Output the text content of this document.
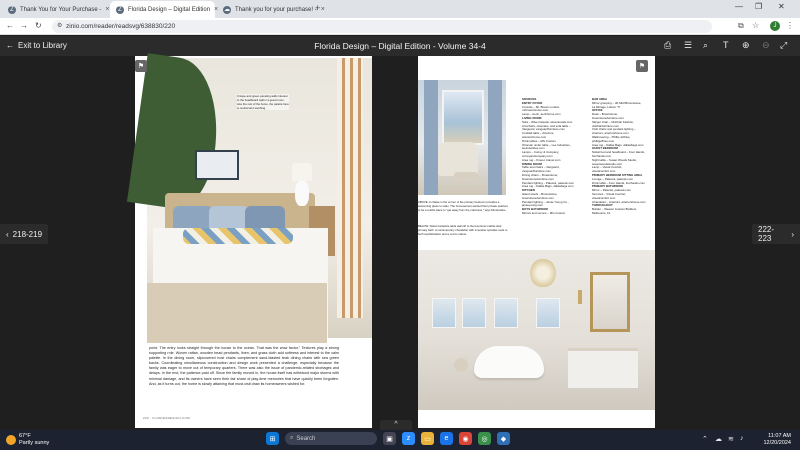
Z	Thank You for Your Purchase - ×	Z	Florida Design – Digital Edition × ☁ Thank you for your purchase! - ×
+	— ❐ ✕
← → ↻	⚙ zinio.com/reader/readsvg/638830/220	⧉ ☆	⋮
J
← Exit to Library	Florida Design – Digital Edition - Volume 34-4	⎙ ☰ ⌕ T ⊕ ⊖ ⤢
Unique and green-paneling adds interest to the headboard wall in a guest room. Like the rest of the home, the palette here is neutral and soothing.
point. The entry looks straight through the house to the ocean. That was the wow factor." Textures play a strong supporting role. Woven rattan, wooden bead pendants, linen, and grass cloth add softness and interest to the calm palette. In the dining room, slipcovered host chairs complement sand-blasted teak dining chairs with sea green backs. Coordinating simultaneous construction and design work presented a challenge, especially because the family was eager to move out of temporary quarters. There was also the issue of pandemic-related shortages and delays. In the end, the patience paid off. Since the family moved in, the house itself has withstood major storms with minimal damage, and its owners have seen their fair share of play-time memories that have quickly been forgotten. And, as it turns out, the home is slowly attaining that must-visit draw its homeowners wished for.
220 · FLORIDADESIGN.COM
⚑
ABOVE: A chaise in the corner of the primary bedroom provides a welcoming place to relax. The homeowners wanted their private quarters to be a restful place to "get away from the craziness," says Montecalvo.
BELOW: Swiss hardware adds warmth to the luxurious marble-clad primary bath. A contemporary chandelier with smoother spindles nods to both sophistication and a nod to nature.
SOURCES
ENTRY FOYER
Console – Mr. Brown London,
mrbrownlondon.com
Lamp – Aerin, aerinhome.com
LIVING ROOM
Sofa – Wise Casuals, wisecasuals.com
Armchairs, ottomans, and sofa table –
Vanguard, vanguardfurniture.com
Cocktail table – Arteriors,
arteriorshome.com
Drink tables – MG Custom
Ottoman under table – Lee Industries,
leeindustries.com
Lamps – Currey & Company,
curreyandcompany.com
Area rug – Kravet, kravet.com
DINING ROOM
Table and chairs – Vanguard,
vanguardfurniture.com
Dining chairs – Brownstone,
brownstonefurniture.com
Pendant lighting – Palecek, palecek.com
Area rug – Dallas Bags, dallasbags.com
KITCHEN
Island stools – Brownstone,
brownstonefurniture.com
Pendant lighting – Jamie Young Co.,
jamieyoung.com
BOYS BATHROOM
Mirrors and sconce – MG Custom
BAR AREA
Mirror grouping – JR Mild Brownstone,
La Mirrage, Lisbon 'Tl'
OFFICE
Desk – Brownstone,
brownstonefurniture.com
Slipper chair – Oldchair Fashion,
oldchairfurniture.com
Club chairs and pendant lighting –
Arteriors, arteriorshome.com
Wallcovering – Phillip Jeffries,
phillipjeffries.com
Area rug – Dallas Bags, dallasbags.com
GUEST BEDROOM
Nickel bed and headboard – Four Hands,
fourhands.com
Night table – Susan Woods Studio,
susanwoodsstudio.com
Lamp – Visual Comfort,
visualcomfort.com
PRIMARY BEDROOM SITTING AREA
Lounge – Palecek, palecek.com
Drink table – Four Hands, fourhands.com
PRIMARY BATHROOM
Mirror – Palecek, palecek.com
Sconces – Visual Comfort,
visualcomfort.com
Chandelier – Arteriors, arteriorshome.com
THROUGHOUT
Builder – Weaver Custom Builders,
Melbourne, FL
⚑
‹ 218-219	222-223	›
^
67°F
Partly sunny	⊞	⌕ Search	▣	z	▭	e	◉	◎	◆	⌃ ☁ ≋ ♪	11:07 AM
12/20/2024
